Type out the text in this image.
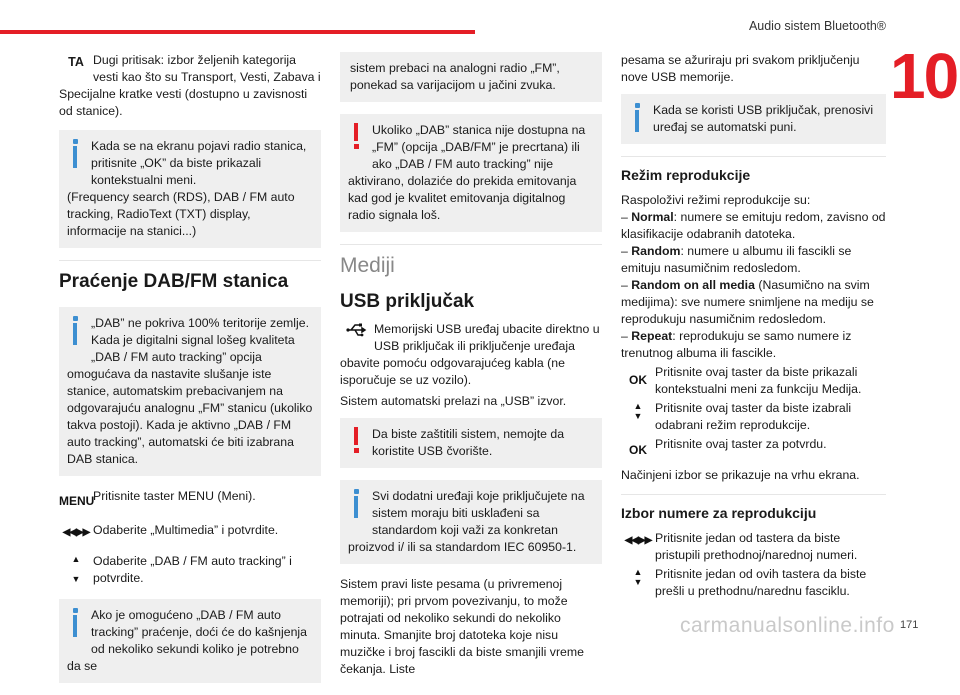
Audio sistem Bluetooth®
10
TA Dugi pritisak: izbor željenih kategorija vesti kao što su Transport, Vesti, Zabava i Specijalne kratke vesti (dostupno u zavisnosti od stanice).
Kada se na ekranu pojavi radio stanica, pritisnite „OK” da biste prikazali kontekstualni meni.
(Frequency search (RDS), DAB / FM auto tracking, RadioText (TXT) display, informacije na stanici...)
Praćenje DAB/FM stanica
„DAB” ne pokriva 100% teritorije zemlje. Kada je digitalni signal lošeg kvaliteta „DAB / FM auto tracking” opcija omogućava da nastavite slušanje iste stanice, automatskim prebacivanjem na odgovarajuću analognu „FM” stanicu (ukoliko takva postoji). Kada je aktivno „DAB / FM auto tracking”, automatski će biti izabrana DAB stanica.
MENU
Pritisnite taster MENU (Meni).
◀◀▶▶ Odaberite „Multimedia” i potvrdite.
▲

▼
Odaberite „DAB / FM auto tracking” i potvrdite.
Ako je omogućeno „DAB / FM auto tracking” praćenje, doći će do kašnjenja od nekoliko sekundi koliko je potrebno da se
sistem prebaci na analogni radio „FM”, ponekad sa varijacijom u jačini zvuka.
Ukoliko „DAB” stanica nije dostupna na „FM” (opcija „DAB/FM” je precrtana) ili ako „DAB / FM auto tracking” nije aktivirano, dolaziće do prekida emitovanja kad god je kvalitet emitovanja digitalnog radio signala loš.
Mediji
USB priključak
Memorijski USB uređaj ubacite direktno u USB priključak ili priključenje uređaja obavite pomoću odgovarajućeg kabla (ne isporučuje se uz vozilo).
Sistem automatski prelazi na „USB” izvor.
Da biste zaštitili sistem, nemojte da koristite USB čvorište.
Svi dodatni uređaji koje priključujete na sistem moraju biti usklađeni sa standardom koji važi za konkretan proizvod i/ ili sa standardom IEC 60950-1.
Sistem pravi liste pesama (u privremenoj memoriji); pri prvom povezivanju, to može potrajati od nekoliko sekundi do nekoliko minuta. Smanjite broj datoteka koje nisu muzičke i broj fascikli da biste smanjili vreme čekanja. Liste
pesama se ažuriraju pri svakom priključenju nove USB memorije.
Kada se koristi USB priključak, prenosivi uređaj se automatski puni.
Režim reprodukcije
Raspoloživi režimi reprodukcije su:
– Normal: numere se emituju redom, zavisno od klasifikacije odabranih datoteka.
– Random: numere u albumu ili fascikli se emituju nasumičnim redosledom.
– Random on all media (Nasumično na svim medijima): sve numere snimljene na mediju se reprodukuju nasumičnim redosledom.
– Repeat: reprodukuju se samo numere iz trenutnog albuma ili fascikle.
OK
Pritisnite ovaj taster da biste prikazali kontekstualni meni za funkciju Medija.
▲
▼
Pritisnite ovaj taster da biste izabrali odabrani režim reprodukcije.
OK Pritisnite ovaj taster za potvrdu.
Načinjeni izbor se prikazuje na vrhu ekrana.
Izbor numere za reprodukciju
◀◀▶▶ Pritisnite jedan od tastera da biste pristupili prethodnoj/narednoj numeri.
▲
▼
Pritisnite jedan od ovih tastera da biste prešli u prethodnu/narednu fasciklu.
carmanualsonline.info 171
